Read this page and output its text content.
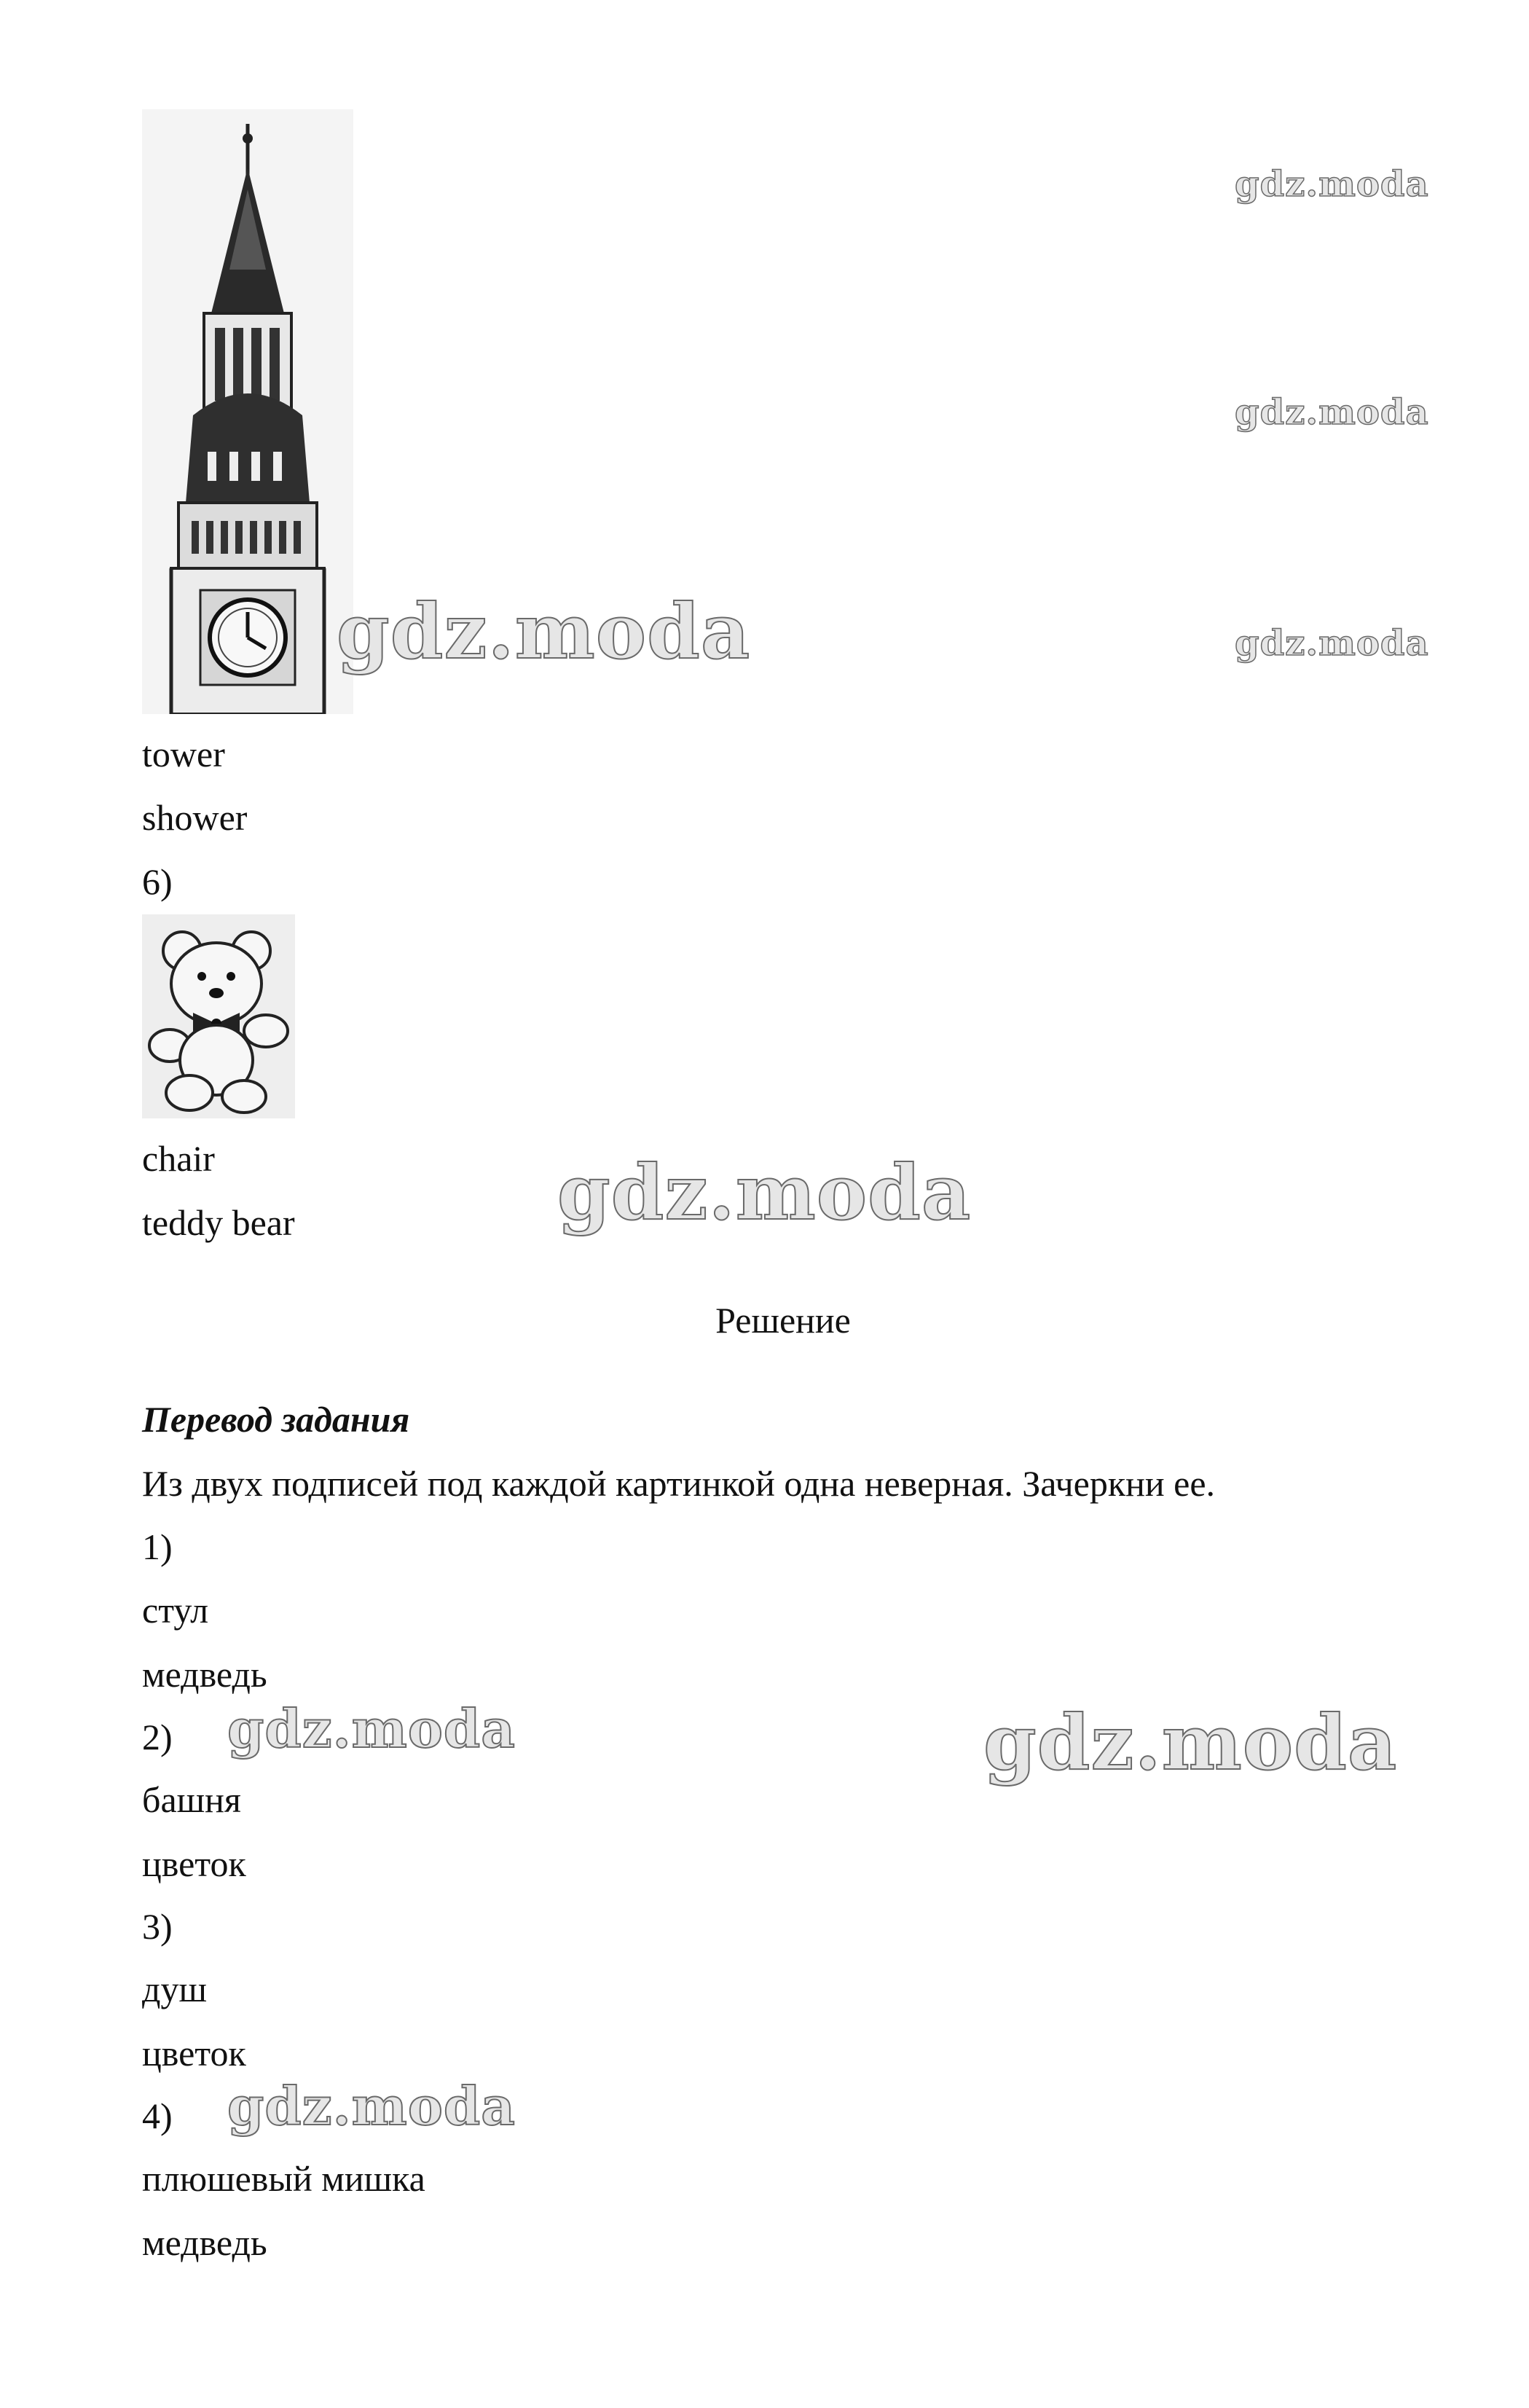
tower
shower
6)
chair
teddy bear
Решение
Перевод задания
Из двух подписей под каждой картинкой одна неверная. Зачеркни ее.
1)
стул
медведь
2)
башня
цветок
3)
душ
цветок
4)
плюшевый мишка
медведь
gdz.moda
gdz.moda
gdz.moda
gdz.moda
gdz.moda
gdz.moda	gdz.moda
gdz.moda
